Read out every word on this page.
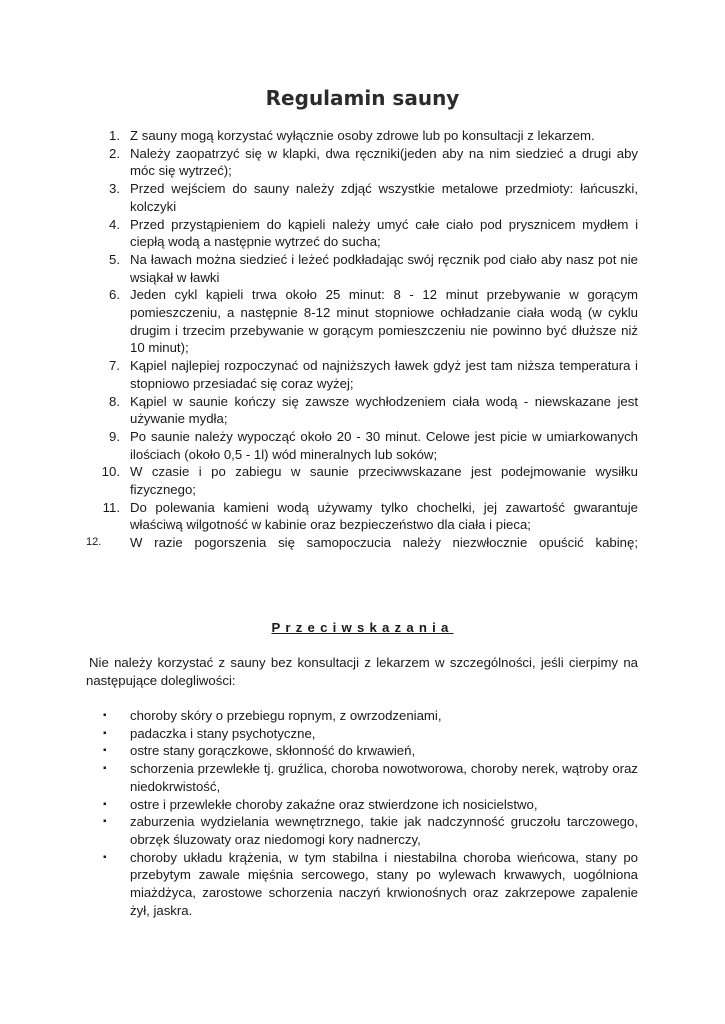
Regulamin sauny
1. Z sauny mogą korzystać wyłącznie osoby zdrowe lub po konsultacji z lekarzem.
2. Należy zaopatrzyć się w klapki, dwa ręczniki(jeden aby na nim siedzieć a drugi aby móc się wytrzeć);
3. Przed wejściem do sauny należy zdjąć wszystkie metalowe przedmioty: łańcuszki, kolczyki
4. Przed przystąpieniem do kąpieli należy umyć całe ciało pod prysznicem mydłem i ciepłą wodą a następnie wytrzeć do sucha;
5. Na ławach można siedzieć i leżeć podkładając swój ręcznik pod ciało aby nasz pot nie wsiąkał w ławki
6. Jeden cykl kąpieli trwa około 25 minut: 8 - 12 minut przebywanie w gorącym pomieszczeniu, a następnie 8-12 minut stopniowe ochładzanie ciała wodą (w cyklu drugim i trzecim przebywanie w gorącym pomieszczeniu nie powinno być dłuższe niż 10 minut);
7. Kąpiel najlepiej rozpoczynać od najniższych ławek gdyż jest tam niższa temperatura i stopniowo przesiadać się coraz wyżej;
8. Kąpiel w saunie kończy się zawsze wychłodzeniem ciała wodą - niewskazane jest używanie mydła;
9. Po saunie należy wypocząć około 20 - 30 minut. Celowe jest picie w umiarkowanych ilościach (około 0,5 - 1l) wód mineralnych lub soków;
10. W czasie i po zabiegu w saunie przeciwwskazane jest podejmowanie wysiłku fizycznego;
11. Do polewania kamieni wodą używamy tylko chochelki, jej zawartość gwarantuje właściwą wilgotność w kabinie oraz bezpieczeństwo dla ciała i pieca;
12.	W razie pogorszenia się samopoczucia należy niezwłocznie opuścić kabinę;
Przeciwskazania

Nie należy korzystać z sauny bez konsultacji z lekarzem w szczególności, jeśli cierpimy na następujące dolegliwości:

▪ choroby skóry o przebiegu ropnym, z owrzodzeniami,
▪ padaczka i stany psychotyczne,
▪ ostre stany gorączkowe, skłonność do krwawień,
▪ schorzenia przewlekłe tj. gruźlica, choroba nowotworowa, choroby nerek, wątroby oraz niedokrwistość,
▪ ostre i przewlekłe choroby zakaźne oraz stwierdzone ich nosicielstwo,
▪ zaburzenia wydzielania wewnętrznego, takie jak nadczynność gruczołu tarczowego, obrzęk śluzowaty oraz niedomogi kory nadnerczy,
▪ choroby układu krążenia, w tym stabilna i niestabilna choroba wieńcowa, stany po przebytym zawale mięśnia sercowego, stany po wylewach krwawych, uogólniona miażdżyca, zarostowe schorzenia naczyń krwionośnych oraz zakrzepowe zapalenie żył, jaskra.
